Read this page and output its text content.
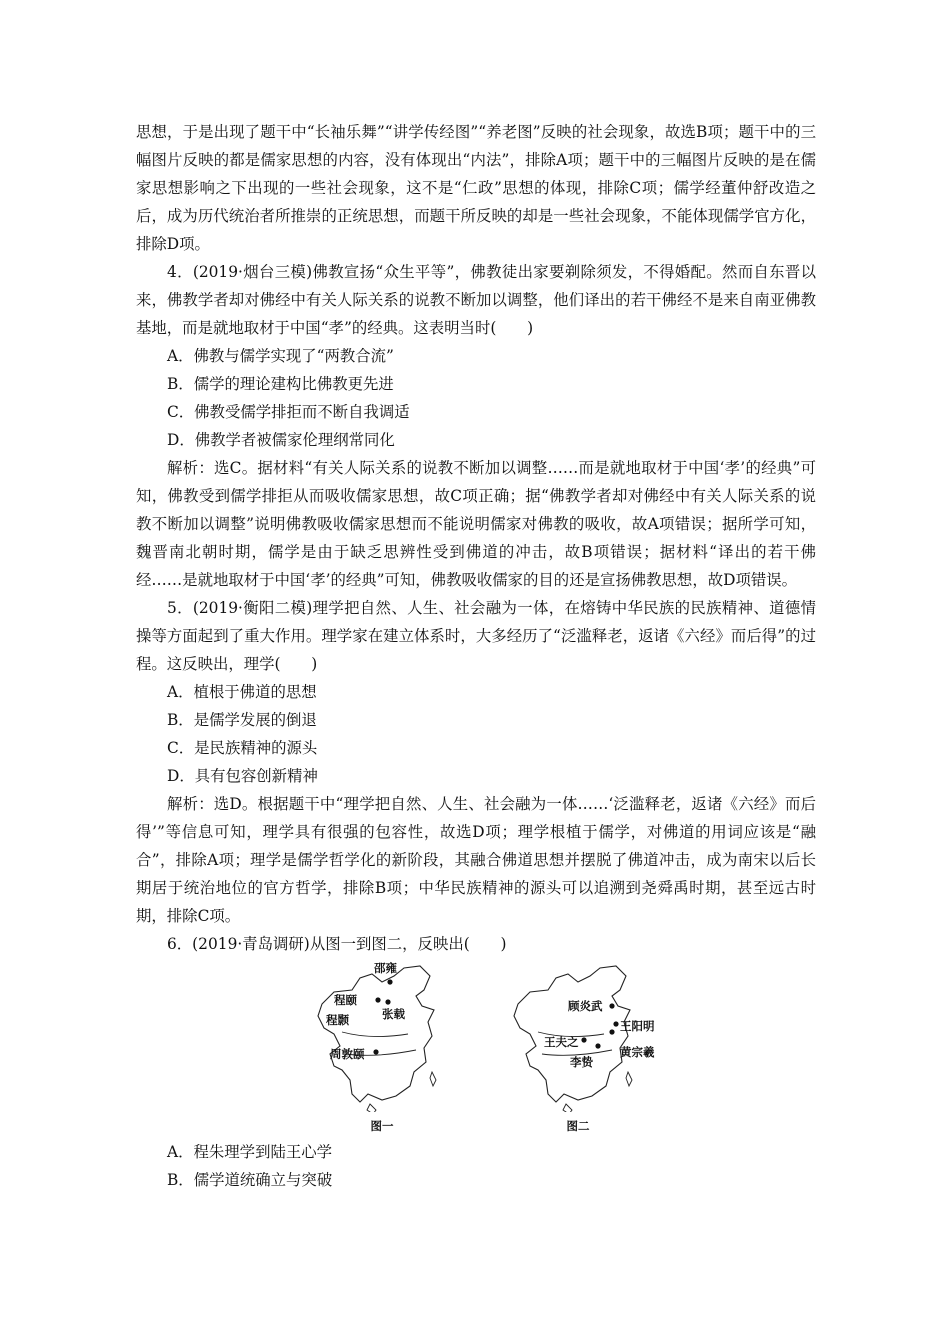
思想，于是出现了题干中“长袖乐舞”“讲学传经图”“养老图”反映的社会现象，故选B项；题干中的三幅图片反映的都是儒家思想的内容，没有体现出“内法”，排除A项；题干中的三幅图片反映的是在儒家思想影响之下出现的一些社会现象，这不是“仁政”思想的体现，排除C项；儒学经董仲舒改造之后，成为历代统治者所推崇的正统思想，而题干所反映的却是一些社会现象，不能体现儒学官方化，排除D项。

4．(2019·烟台三模)佛教宣扬“众生平等”，佛教徒出家要剃除须发，不得婚配。然而自东晋以来，佛教学者却对佛经中有关人际关系的说教不断加以调整，他们译出的若干佛经不是来自南亚佛教基地，而是就地取材于中国“孝”的经典。这表明当时(　　)

A．佛教与儒学实现了“两教合流”

B．儒学的理论建构比佛教更先进

C．佛教受儒学排拒而不断自我调适

D．佛教学者被儒家伦理纲常同化

解析：选C。据材料“有关人际关系的说教不断加以调整……而是就地取材于中国‘孝’的经典”可知，佛教受到儒学排拒从而吸收儒家思想，故C项正确；据“佛教学者却对佛经中有关人际关系的说教不断加以调整”说明佛教吸收儒家思想而不能说明儒家对佛教的吸收，故A项错误；据所学可知，魏晋南北朝时期，儒学是由于缺乏思辨性受到佛道的冲击，故B项错误；据材料“译出的若干佛经……是就地取材于中国‘孝’的经典”可知，佛教吸收儒家的目的还是宣扬佛教思想，故D项错误。

5．(2019·衡阳二模)理学把自然、人生、社会融为一体，在熔铸中华民族的民族精神、道德情操等方面起到了重大作用。理学家在建立体系时，大多经历了“泛滥释老，返诸《六经》而后得”的过程。这反映出，理学(　　)

A．植根于佛道的思想

B．是儒学发展的倒退

C．是民族精神的源头

D．具有包容创新精神

解析：选D。根据题干中“理学把自然、人生、社会融为一体……‘泛滥释老，返诸《六经》而后得’”等信息可知，理学具有很强的包容性，故选D项；理学根植于儒学，对佛道的用词应该是“融合”，排除A项；理学是儒学哲学化的新阶段，其融合佛道思想并摆脱了佛道冲击，成为南宋以后长期居于统治地位的官方哲学，排除B项；中华民族精神的源头可以追溯到尧舜禹时期，甚至远古时期，排除C项。

6．(2019·青岛调研)从图一到图二，反映出(　　)

邵雍
程颐
程颢	张载
周敦颐
图一
顾炎武
王阳明
王夫之
李贽
黄宗羲
图二

A．程朱理学到陆王心学

B．儒学道统确立与突破
